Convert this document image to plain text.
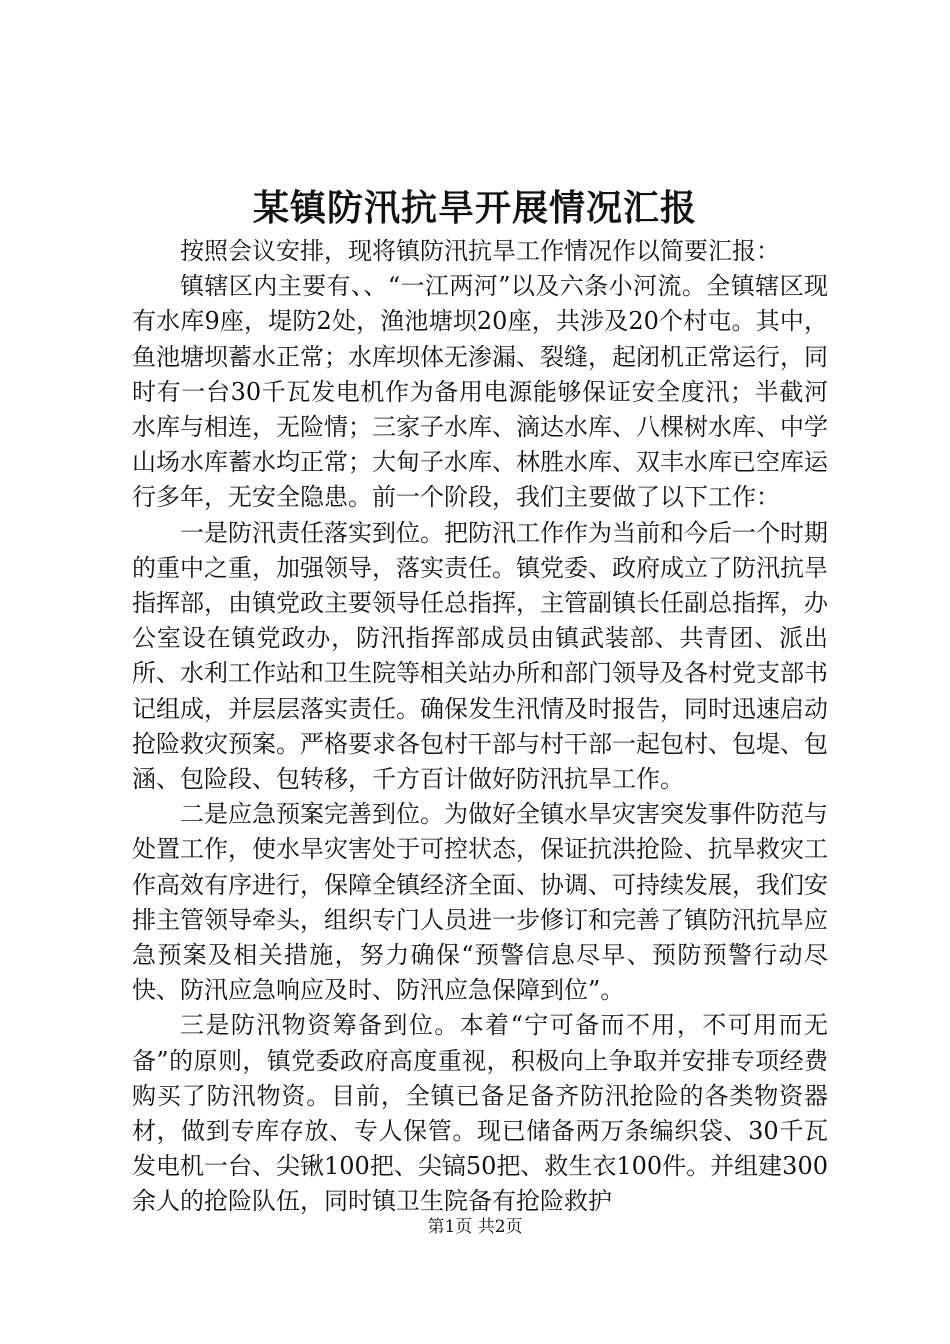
某镇防汛抗旱开展情况汇报

按照会议安排，现将镇防汛抗旱工作情况作以简要汇报：

镇辖区内主要有、、“一江两河”以及六条小河流。全镇辖区现有水库9座，堤防2处，渔池塘坝20座，共涉及20个村屯。其中，鱼池塘坝蓄水正常；水库坝体无渗漏、裂缝，起闭机正常运行，同时有一台30千瓦发电机作为备用电源能够保证安全度汛；半截河水库与相连，无险情；三家子水库、滴达水库、八棵树水库、中学山场水库蓄水均正常；大甸子水库、林胜水库、双丰水库已空库运行多年，无安全隐患。前一个阶段，我们主要做了以下工作：

一是防汛责任落实到位。把防汛工作作为当前和今后一个时期的重中之重，加强领导，落实责任。镇党委、政府成立了防汛抗旱指挥部，由镇党政主要领导任总指挥，主管副镇长任副总指挥，办公室设在镇党政办，防汛指挥部成员由镇武装部、共青团、派出所、水利工作站和卫生院等相关站办所和部门领导及各村党支部书记组成，并层层落实责任。确保发生汛情及时报告，同时迅速启动抢险救灾预案。严格要求各包村干部与村干部一起包村、包堤、包涵、包险段、包转移，千方百计做好防汛抗旱工作。

二是应急预案完善到位。为做好全镇水旱灾害突发事件防范与处置工作，使水旱灾害处于可控状态，保证抗洪抢险、抗旱救灾工作高效有序进行，保障全镇经济全面、协调、可持续发展，我们安排主管领导牵头，组织专门人员进一步修订和完善了镇防汛抗旱应急预案及相关措施，努力确保“预警信息尽早、预防预警行动尽快、防汛应急响应及时、防汛应急保障到位”。

三是防汛物资筹备到位。本着“宁可备而不用，不可用而无备”的原则，镇党委政府高度重视，积极向上争取并安排专项经费购买了防汛物资。目前，全镇已备足备齐防汛抢险的各类物资器材，做到专库存放、专人保管。现已储备两万条编织袋、30千瓦发电机一台、尖锹100把、尖镐50把、救生衣100件。并组建300余人的抢险队伍，同时镇卫生院备有抢险救护

第1页 共2页
